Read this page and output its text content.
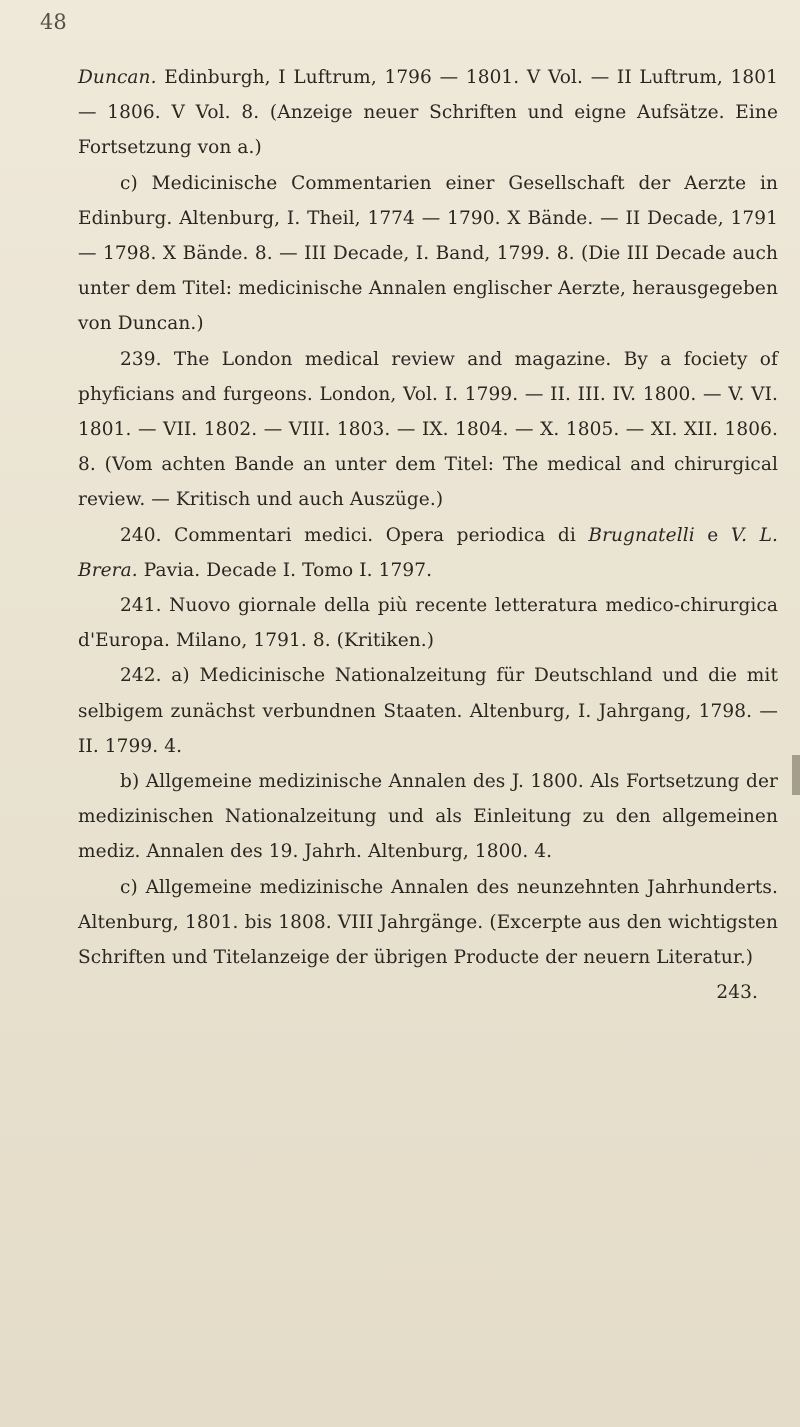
48

Duncan. Edinburgh, I Luftrum, 1796 — 1801. V Vol. — II Luftrum, 1801 — 1806. V Vol. 8. (Anzeige neuer Schriften und eigne Aufsätze. Eine Fortsetzung von a.)

c) Medicinische Commentarien einer Gesellschaft der Aerzte in Edinburg. Altenburg, I. Theil, 1774 — 1790. X Bände. — II Decade, 1791 — 1798. X Bände. 8. — III Decade, I. Band, 1799. 8. (Die III Decade auch unter dem Titel: medicinische Annalen englischer Aerzte, herausgegeben von Duncan.)

239. The London medical review and magazine. By a fociety of phyficians and furgeons. London, Vol. I. 1799. — II. III. IV. 1800. — V. VI. 1801. — VII. 1802. — VIII. 1803. — IX. 1804. — X. 1805. — XI. XII. 1806. 8. (Vom achten Bande an unter dem Titel: The medical and chirurgical review. — Kritisch und auch Auszüge.)

240. Commentari medici. Opera periodica di Brugnatelli e V. L. Brera. Pavia. Decade I. Tomo I. 1797.

241. Nuovo giornale della più recente letteratura medico-chirurgica d'Europa. Milano, 1791. 8. (Kritiken.)

242. a) Medicinische Nationalzeitung für Deutschland und die mit selbigem zunächst verbundnen Staaten. Altenburg, I. Jahrgang, 1798. — II. 1799. 4.

b) Allgemeine medizinische Annalen des J. 1800. Als Fortsetzung der medizinischen Nationalzeitung und als Einleitung zu den allgemeinen mediz. Annalen des 19. Jahrh. Altenburg, 1800. 4.

c) Allgemeine medizinische Annalen des neunzehnten Jahrhunderts. Altenburg, 1801. bis 1808. VIII Jahrgänge. (Excerpte aus den wichtigsten Schriften und Titelanzeige der übrigen Producte der neuern Literatur.)

243.
